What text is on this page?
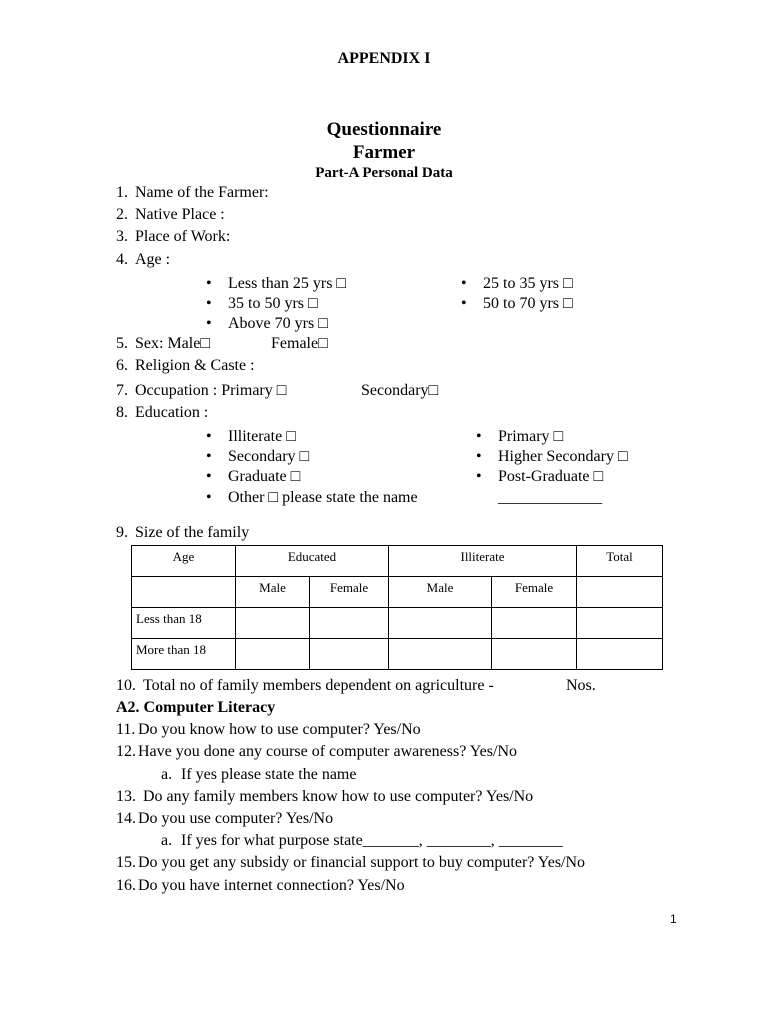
APPENDIX I
Questionnaire
Farmer
Part-A Personal Data
1. Name of the Farmer:
2. Native Place :
3. Place of Work:
4. Age :
• Less than 25 yrs □
• 35 to 50 yrs □
• Above 70 yrs □
• 25 to 35 yrs □
• 50 to 70 yrs □
5. Sex: Male□	Female□
6. Religion & Caste :
7. Occupation : Primary □	Secondary□
8. Education :
• Illiterate □
• Secondary □
• Graduate □
• Other □ please state the name
• Primary □
• Higher Secondary □
• Post-Graduate □
_____________
9. Size of the family
Age	Educated		Illiterate		Total
	Male	Female	Male	Female	
Less than 18					
More than 18					
10. Total no of family members dependent on agriculture -	Nos.
A2. Computer Literacy
11. Do you know how to use computer? Yes/No
12. Have you done any course of computer awareness? Yes/No
a. If yes please state the name
13. Do any family members know how to use computer? Yes/No
14. Do you use computer? Yes/No
a. If yes for what purpose state_______, ________, ________
15. Do you get any subsidy or financial support to buy computer? Yes/No
16. Do you have internet connection? Yes/No
1
